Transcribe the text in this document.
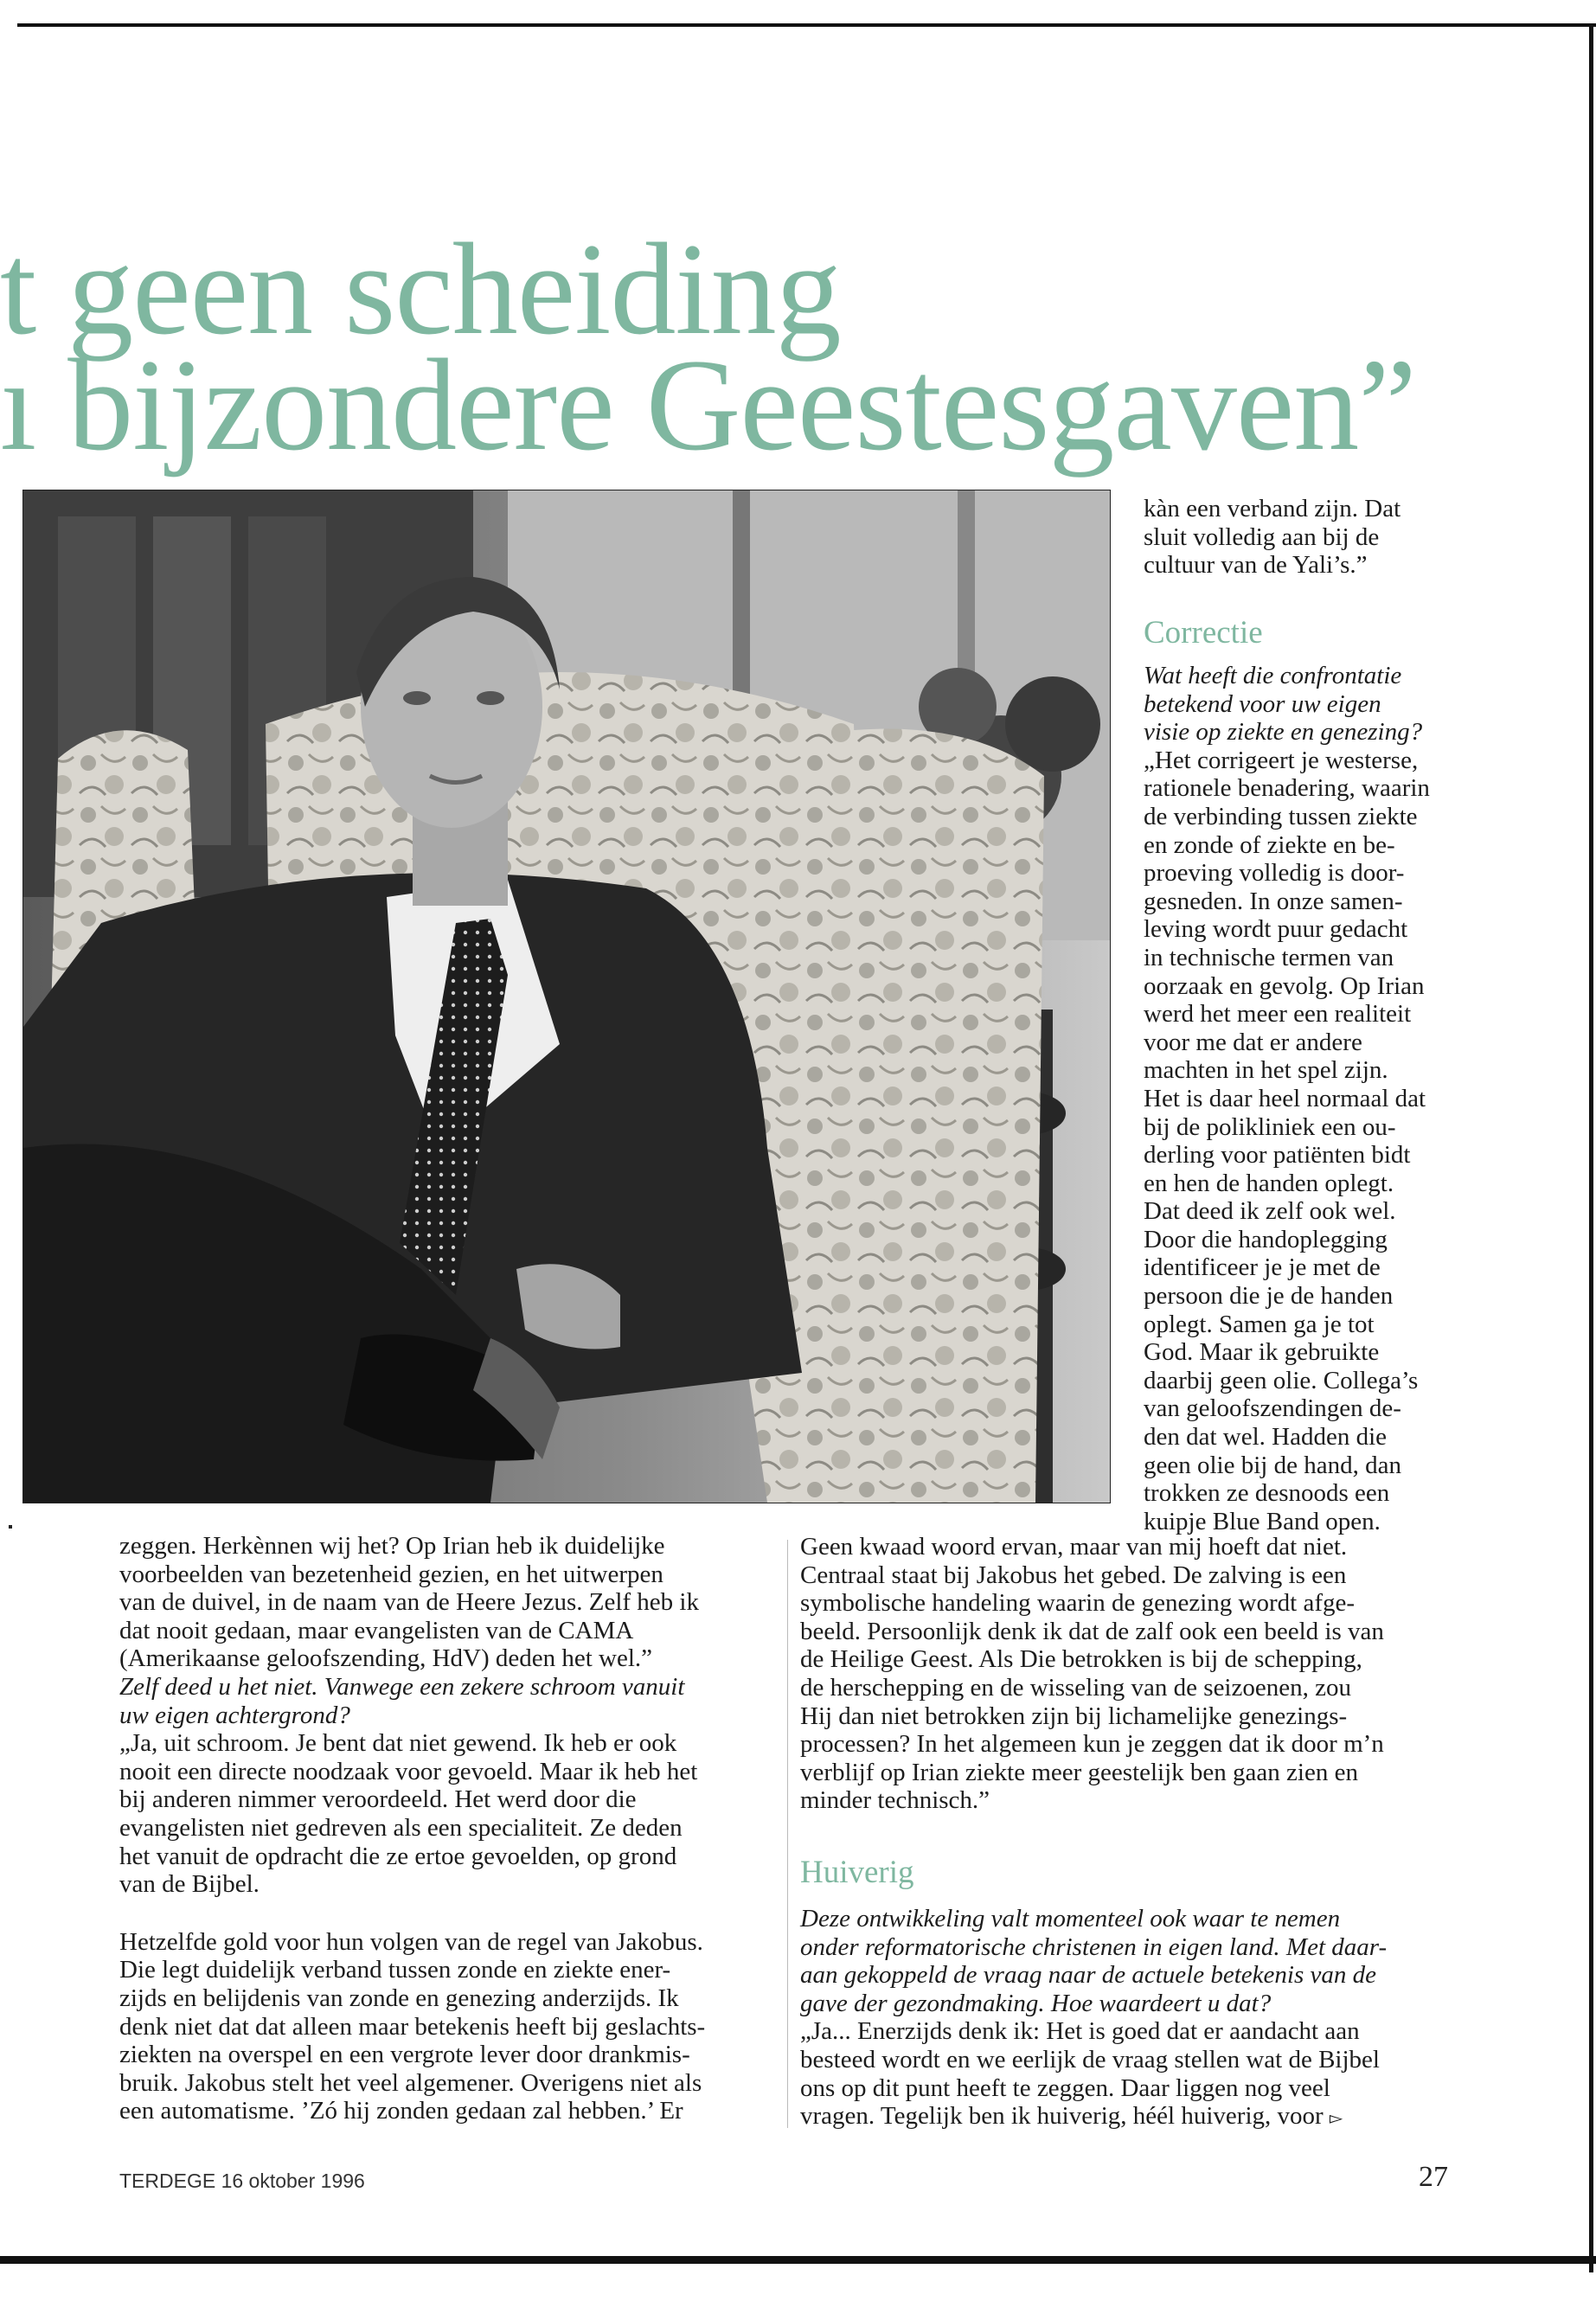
t geen scheiding
ı bijzondere Geestesgaven”

kàn een verband zijn. Dat

sluit volledig aan bij de

cultuur van de Yali’s.”

Correctie

Wat heeft die confrontatie

betekend voor uw eigen

visie op ziekte en genezing?

„Het corrigeert je westerse,

rationele benadering, waarin

de verbinding tussen ziekte

en zonde of ziekte en be-

proeving volledig is door-

gesneden. In onze samen-

leving wordt puur gedacht

in technische termen van

oorzaak en gevolg. Op Irian

werd het meer een realiteit

voor me dat er andere

machten in het spel zijn.

Het is daar heel normaal dat

bij de polikliniek een ou-

derling voor patiënten bidt

en hen de handen oplegt.

Dat deed ik zelf ook wel.

Door die handoplegging

identificeer je je met de

persoon die je de handen

oplegt. Samen ga je tot

God. Maar ik gebruikte

daarbij geen olie. Collega’s

van geloofszendingen de-

den dat wel. Hadden die

geen olie bij de hand, dan

trokken ze desnoods een

kuipje Blue Band open.

zeggen. Herkènnen wij het? Op Irian heb ik duidelijke

voorbeelden van bezetenheid gezien, en het uitwerpen

van de duivel, in de naam van de Heere Jezus. Zelf heb ik

dat nooit gedaan, maar evangelisten van de CAMA

(Amerikaanse geloofszending, HdV) deden het wel.”

Zelf deed u het niet. Vanwege een zekere schroom vanuit

uw eigen achtergrond?

„Ja, uit schroom. Je bent dat niet gewend. Ik heb er ook

nooit een directe noodzaak voor gevoeld. Maar ik heb het

bij anderen nimmer veroordeeld. Het werd door die

evangelisten niet gedreven als een specialiteit. Ze deden

het vanuit de opdracht die ze ertoe gevoelden, op grond

van de Bijbel.

Hetzelfde gold voor hun volgen van de regel van Jakobus.

Die legt duidelijk verband tussen zonde en ziekte ener-

zijds en belijdenis van zonde en genezing anderzijds. Ik

denk niet dat dat alleen maar betekenis heeft bij geslachts-

ziekten na overspel en een vergrote lever door drankmis-

bruik. Jakobus stelt het veel algemener. Overigens niet als

een automatisme. ’Zó hij zonden gedaan zal hebben.’ Er

Geen kwaad woord ervan, maar van mij hoeft dat niet.

Centraal staat bij Jakobus het gebed. De zalving is een

symbolische handeling waarin de genezing wordt afge-

beeld. Persoonlijk denk ik dat de zalf ook een beeld is van

de Heilige Geest. Als Die betrokken is bij de schepping,

de herschepping en de wisseling van de seizoenen, zou

Hij dan niet betrokken zijn bij lichamelijke genezings-

processen? In het algemeen kun je zeggen dat ik door m’n

verblijf op Irian ziekte meer geestelijk ben gaan zien en

minder technisch.”

Huiverig

Deze ontwikkeling valt momenteel ook waar te nemen

onder reformatorische christenen in eigen land. Met daar-

aan gekoppeld de vraag naar de actuele betekenis van de

gave der gezondmaking. Hoe waardeert u dat?

„Ja... Enerzijds denk ik: Het is goed dat er aandacht aan

besteed wordt en we eerlijk de vraag stellen wat de Bijbel

ons op dit punt heeft te zeggen. Daar liggen nog veel

vragen. Tegelijk ben ik huiverig, héél huiverig, voor ▻

TERDEGE 16 oktober 1996	27
